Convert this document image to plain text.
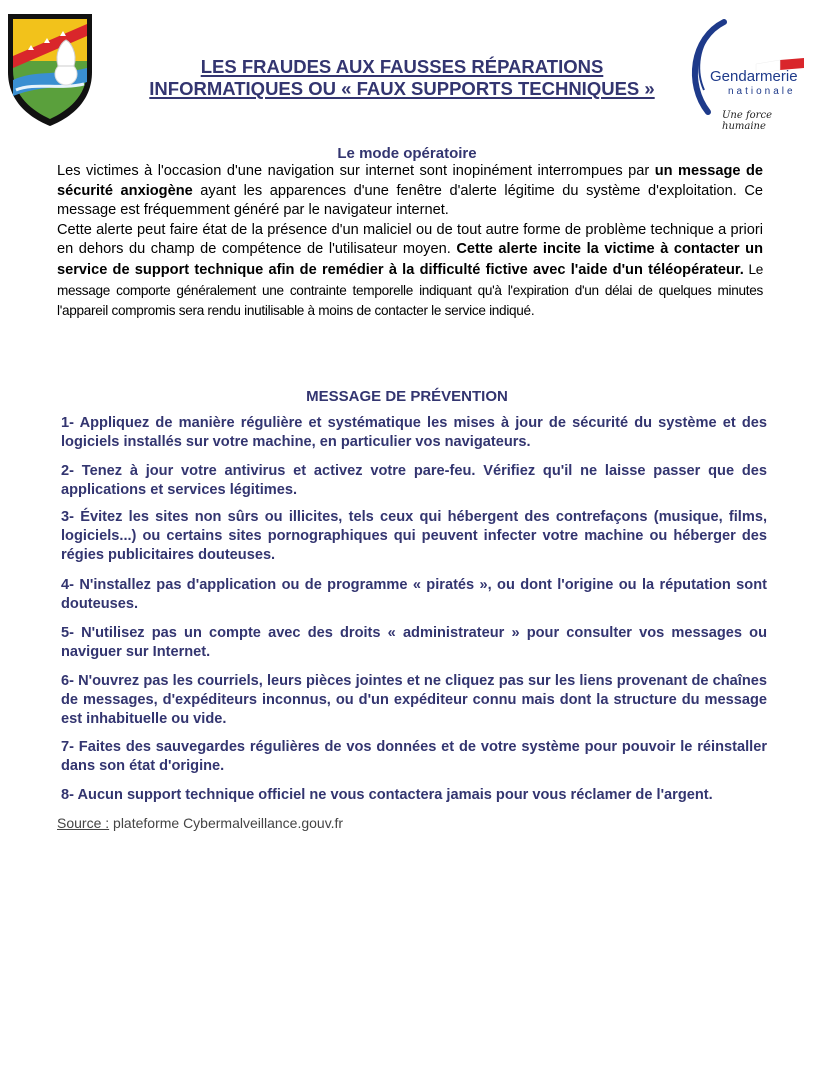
Gendarmerie
nationale
Une force humaine
LES FRAUDES AUX FAUSSES RÉPARATIONS
INFORMATIQUES OU « FAUX SUPPORTS TECHNIQUES »
Le mode opératoire

Les victimes à l'occasion d'une navigation sur internet sont inopinément interrompues par un message de sécurité anxiogène ayant les apparences d'une fenêtre d'alerte légitime du système d'exploitation. Ce message est fréquemment généré par le navigateur internet.

Cette alerte peut faire état de la présence d'un maliciel ou de tout autre forme de problème technique a priori en dehors du champ de compétence de l'utilisateur moyen. Cette alerte incite la victime à contacter un service de support technique afin de remédier à la difficulté fictive avec l'aide d'un téléopérateur. Le message comporte généralement une contrainte temporelle indiquant qu'à l'expiration d'un délai de quelques minutes l'appareil compromis sera rendu inutilisable à moins de contacter le service indiqué.

MESSAGE DE PRÉVENTION

1- Appliquez de manière régulière et systématique les mises à jour de sécurité du système et des logiciels installés sur votre machine, en particulier vos navigateurs.

2- Tenez à jour votre antivirus et activez votre pare-feu. Vérifiez qu'il ne laisse passer que des applications et services légitimes.

3- Évitez les sites non sûrs ou illicites, tels ceux qui hébergent des contrefaçons (musique, films, logiciels...) ou certains sites pornographiques qui peuvent infecter votre machine ou héberger des régies publicitaires douteuses.

4- N'installez pas d'application ou de programme « piratés », ou dont l'origine ou la réputation sont douteuses.

5- N'utilisez pas un compte avec des droits « administrateur » pour consulter vos messages ou naviguer sur Internet.

6- N'ouvrez pas les courriels, leurs pièces jointes et ne cliquez pas sur les liens provenant de chaînes de messages, d'expéditeurs inconnus, ou d'un expéditeur connu mais dont la structure du message est inhabituelle ou vide.

7- Faites des sauvegardes régulières de vos données et de votre système pour pouvoir le réinstaller dans son état d'origine.

8- Aucun support technique officiel ne vous contactera jamais pour vous réclamer de l'argent.

Source : plateforme Cybermalveillance.gouv.fr
